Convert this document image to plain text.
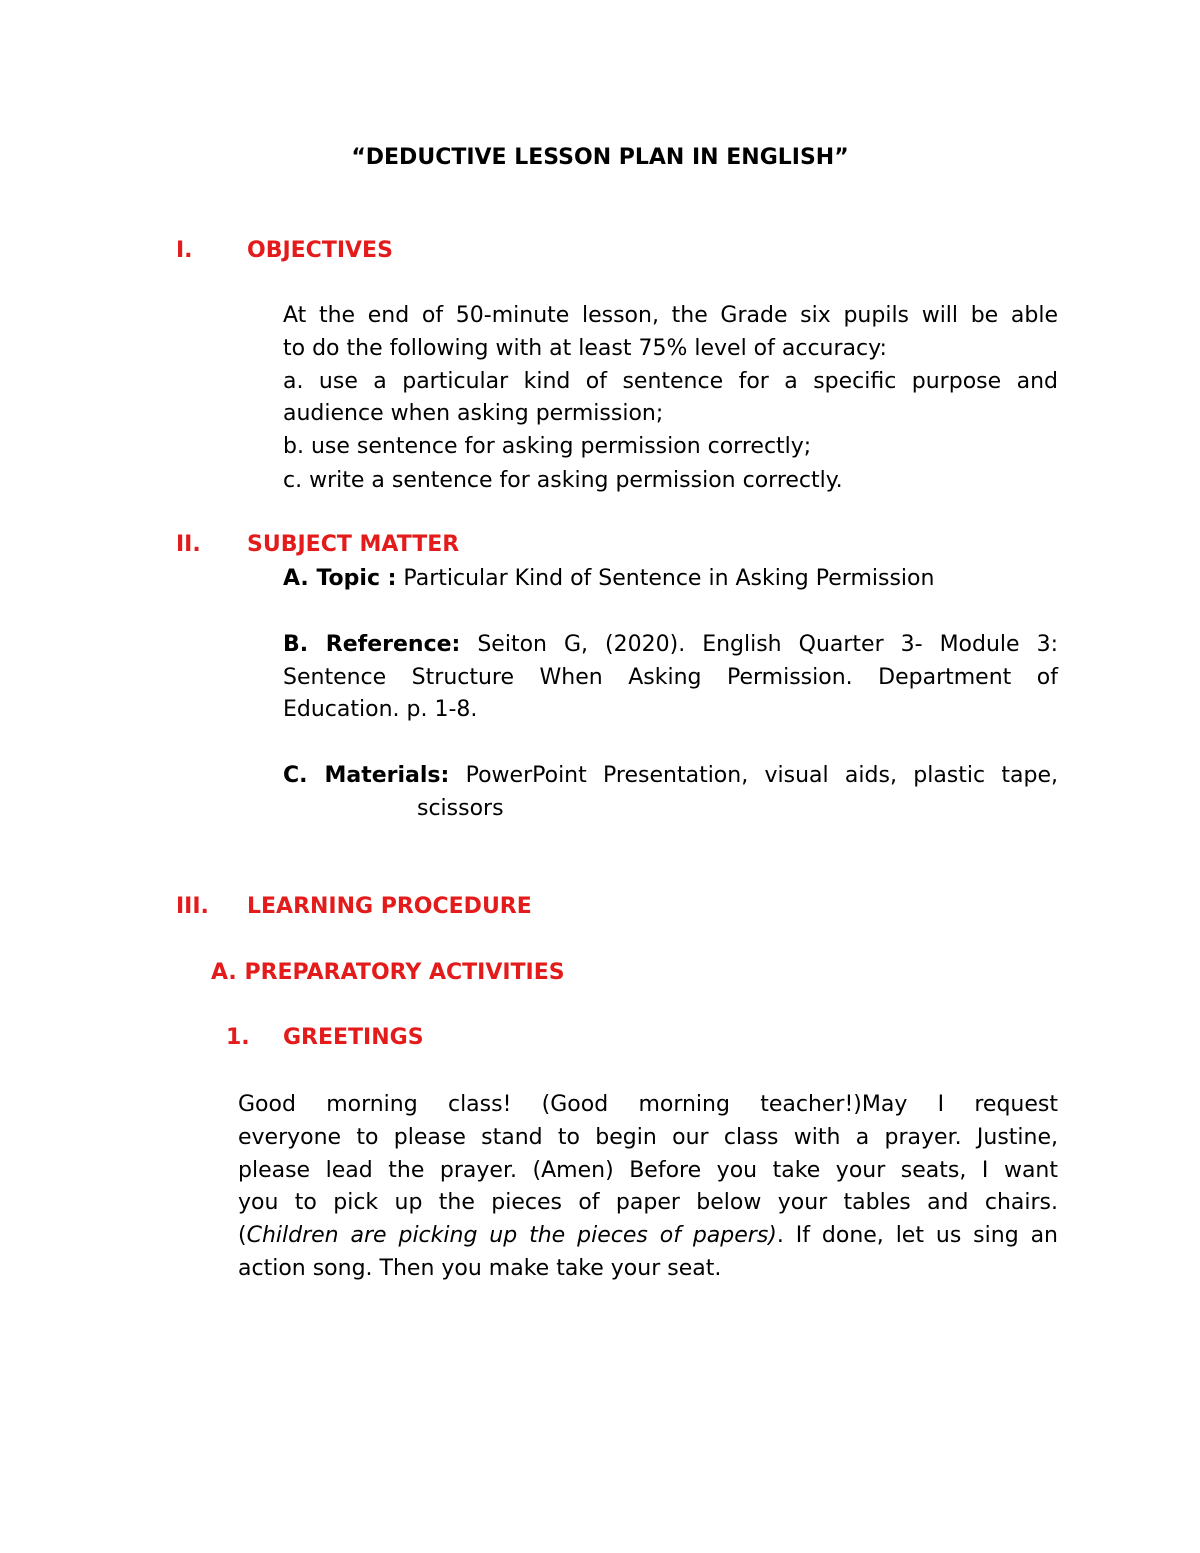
“DEDUCTIVE LESSON PLAN IN ENGLISH”
I. OBJECTIVES
At the end of 50-minute lesson, the Grade six pupils will be able
to do the following with at least 75% level of accuracy:
a. use a particular kind of sentence for a specific purpose and
audience when asking permission;
b. use sentence for asking permission correctly;
c. write a sentence for asking permission correctly.
II. SUBJECT MATTER
A. Topic : Particular Kind of Sentence in Asking Permission
B. Reference: Seiton G, (2020). English Quarter 3- Module 3:
Sentence Structure When Asking Permission. Department of
Education. p. 1-8.
C. Materials: PowerPoint Presentation, visual aids, plastic tape,
scissors
III. LEARNING PROCEDURE
A. PREPARATORY ACTIVITIES
1. GREETINGS
Good morning class! (Good morning teacher!)May I request
everyone to please stand to begin our class with a prayer. Justine,
please lead the prayer. (Amen) Before you take your seats, I want
you to pick up the pieces of paper below your tables and chairs.
(Children are picking up the pieces of papers). If done, let us sing an
action song. Then you make take your seat.
